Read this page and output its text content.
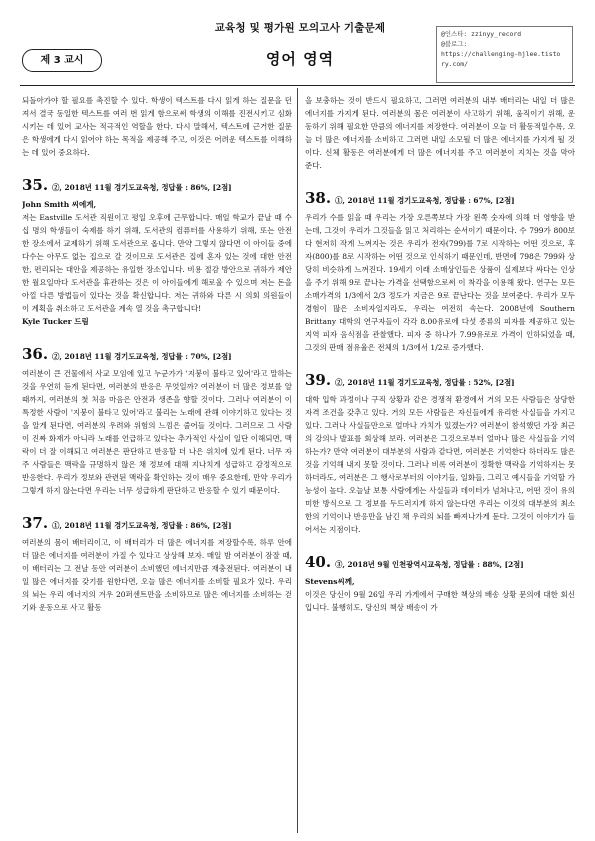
교육청 및 평가원 모의고사 기출문제
제 3 교시	영어 영역
@인스타: zzinyy_record
@블로그:
https://challenging-hjlee.tisto
ry.com/

되돌아가야 할 필요를 촉진할 수 있다. 학생이 텍스트를 다시 읽게 하는 질문을 던져서 결국 동일한 텍스트를 여러 번 읽게 함으로써 학생의 이해를 진전시키고 심화시키는 데 있어 교사는 적극적인 역할을 한다. 다시 말해서, 텍스트에 근거한 질문은 학생에게 다시 읽어야 하는 목적을 제공해 주고, 이것은 어려운 텍스트를 이해하는 데 있어 중요하다.

35. ②, 2018년 11월 경기도교육청, 정답률 : 86%, [2점]

John Smith 씨에게,

저는 Eastville 도서관 직원이고 평일 오후에 근무합니다. 매일 학교가 끝날 때 수십 명의 학생들이 숙제를 하기 위해, 도서관의 컴퓨터를 사용하기 위해, 또는 안전한 장소에서 교제하기 위해 도서관으로 옵니다. 만약 그렇지 않다면 이 아이들 중에 다수는 아무도 없는 집으로 갈 것이므로 도서관은 집에 혼자 있는 것에 대한 안전한, 편리되는 대안을 제공하는 유일한 장소입니다. 비용 절감 방안으로 귀하가 제안한 월요일마다 도서관을 휴관하는 것은 이 아이들에게 해로울 수 있으며 저는 돈을 아낄 다른 방법들이 있다는 것을 확신합니다. 저는 귀하와 다른 시 의회 의원들이 이 계획을 취소하고 도서관을 계속 열 것을 촉구합니다!

Kyle Tucker 드림

36. ②, 2018년 11월 경기도교육청, 정답률 : 70%, [2점]

여러분이 큰 건물에서 사교 모임에 있고 누군가가 '지붕이 불타고 있어'라고 말하는 것을 우연히 듣게 된다면, 여러분의 반응은 무엇일까? 여러분이 더 많은 정보를 알 때까지, 여러분의 첫 처음 마음은 안전과 생존을 향할 것이다. 그러나 여러분이 이 특정한 사람이 '지붕이 불타고 있어'라고 불리는 노래에 관해 이야기하고 있다는 것을 알게 된다면, 여러분의 우려와 위험의 느낌은 줄어들 것이다. 그러므로 그 사람이 진짜 화재가 아니라 노래를 언급하고 있다는 추가적인 사실이 일단 이해되면, 맥락이 더 잘 이해되고 여러분은 판단하고 반응할 더 나은 위치에 있게 된다. 너무 자주 사람들은 맥락을 규명하지 않은 채 정보에 대해 지나치게 성급하고 감정적으로 반응한다. 우리가 정보와 관련된 맥락을 확인하는 것이 매우 중요한데, 만약 우리가 그렇게 하지 않는다면 우리는 너무 성급하게 판단하고 반응할 수 있기 때문이다.

37. ①, 2018년 11월 경기도교육청, 정답률 : 86%, [2점]

여러분의 몸이 배터리이고, 이 배터리가 더 많은 에너지를 저장할수록, 하루 안에 더 많은 에너지를 여러분이 가질 수 있다고 상상해 보자. 매일 밤 여러분이 잠잘 때, 이 배터리는 그 전날 동안 여러분이 소비했던 에너지만큼 재충전된다. 여러분이 내일 많은 에너지를 갖기를 원한다면, 오늘 많은 에너지를 소비할 필요가 있다. 우리의 뇌는 우리 에너지의 겨우 20퍼센트만을 소비하므로 많은 에너지를 소비하는 걷기와 운동으로 사고 활동

을 보충하는 것이 반드시 필요하고, 그러면 여러분의 내부 배터리는 내일 더 많은 에너지를 가지게 된다. 여러분의 몸은 여러분이 사고하기 위해, 움직이기 위해, 운동하기 위해 필요한 만큼의 에너지를 저장한다. 여러분이 오늘 더 활동적일수록, 오늘 더 많은 에너지를 소비하고 그러면 내일 소모될 더 많은 에너지를 가지게 될 것이다. 신체 활동은 여러분에게 더 많은 에너지를 주고 여러분이 지치는 것을 막아 준다.

38. ①, 2018년 11월 경기도교육청, 정답률 : 67%, [2점]

우리가 수를 읽을 때 우리는 가장 오른쪽보다 가장 왼쪽 숫자에 의해 더 영향을 받는데, 그것이 우리가 그것들을 읽고 처리하는 순서이기 때문이다. 수 799가 800보다 현저히 작게 느껴지는 것은 우리가 전자(799)를 7로 시작하는 어떤 것으로, 후자(800)를 8로 시작하는 어떤 것으로 인식하기 때문인데, 반면에 798은 799와 상당히 비슷하게 느껴진다. 19세기 이래 소매상인들은 상품이 실제보다 싸다는 인상을 주기 위해 9로 끝나는 가격을 선택함으로써 이 착각을 이용해 왔다. 연구는 모든 소매가격의 1/3에서 2/3 정도가 지금은 9로 끝난다는 것을 보여준다. 우리가 모두 경험이 많은 소비자일지라도, 우리는 여전히 속는다. 2008년에 Southern Brittany 대학의 연구자들이 각각 8.00유로에 다섯 종류의 피자를 제공하고 있는 지역 피자 음식점을 관찰했다. 피자 중 하나가 7.99유로로 가격이 인하되었을 때, 그것의 판매 점유율은 전체의 1/3에서 1/2로 증가했다.

39. ②, 2018년 11월 경기도교육청, 정답률 : 52%, [2점]

대학 입학 과정이나 구직 상황과 같은 경쟁적 환경에서 거의 모든 사람들은 상당한 자격 조건을 갖추고 있다. 거의 모든 사람들은 자신들에게 유리한 사실들을 가지고 있다. 그러나 사실들만으로 얼마나 가치가 있겠는가? 여러분이 참석했던 가장 최근의 강의나 발표를 회상해 보라. 여러분은 그것으로부터 얼마나 많은 사실들을 기억하는가? 만약 여러분이 대부분의 사람과 같다면, 여러분은 기억한다 하더라도 많은 것을 기억해 내지 못할 것이다. 그러나 비록 여러분이 정확한 맥락을 기억하지는 못하더라도, 여러분은 그 행사로부터의 이야기들, 일화들, 그리고 예시들을 기억할 가능성이 높다. 오늘날 보통 사람에게는 사실들과 데이터가 넘쳐나고, 어떤 것이 유의미한 방식으로 그 정보를 두드러지게 하지 않는다면 우리는 이것의 대부분의 최소한의 기억이나 반응만을 남긴 채 우리의 뇌를 빠져나가게 둔다. 그것이 이야기가 들어서는 지점이다.

40. ③, 2018년 9월 인천광역시교육청, 정답률 : 88%, [2점]

Stevens씨께,

이것은 당신이 9월 26일 우리 가게에서 구매한 책상의 배송 상황 문의에 대한 회신입니다. 불행히도, 당신의 책상 배송이 가
